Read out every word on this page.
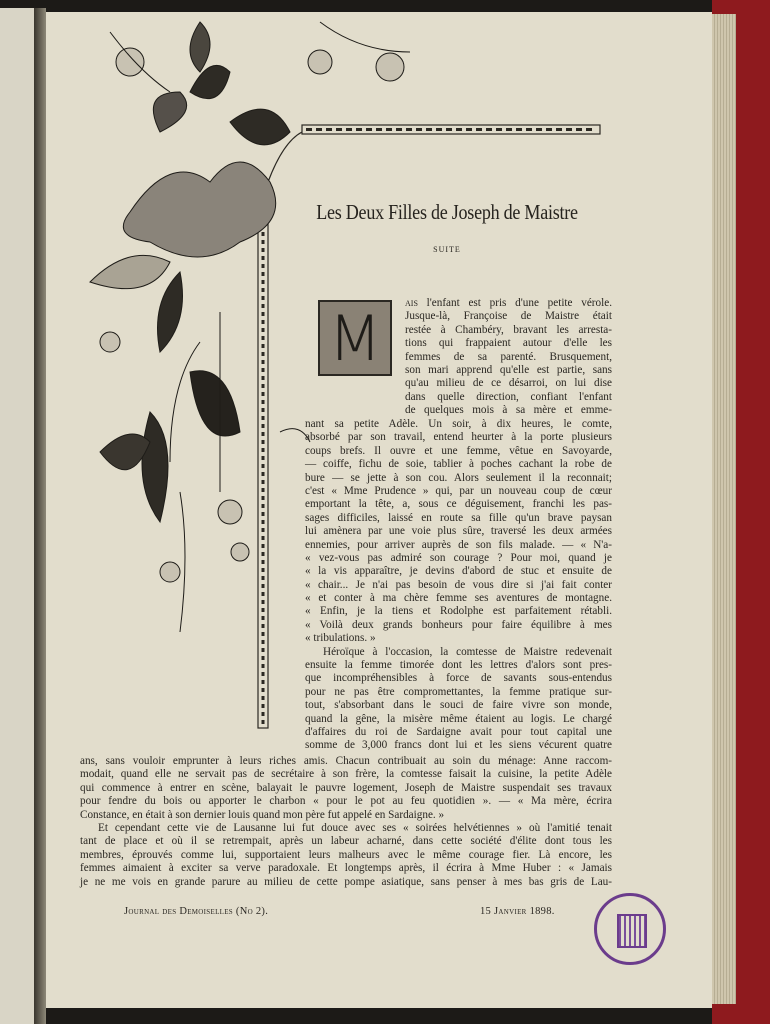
Les Deux Filles de Joseph de Maistre
SUITE
M	ais l'enfant est pris d'une petite vérole.
Jusque-là, Françoise de Maistre était
restée à Chambéry, bravant les arresta-
tions qui frappaient autour d'elle les
femmes de sa parenté. Brusquement,
son mari apprend qu'elle est partie, sans
qu'au milieu de ce désarroi, on lui dise
dans quelle direction, confiant l'enfant
de quelques mois à sa mère et emme-
nant sa petite Adèle. Un soir, à dix heures, le comte,
absorbé par son travail, entend heurter à la porte plusieurs
coups brefs. Il ouvre et une femme, vêtue en Savoyarde,
— coiffe, fichu de soie, tablier à poches cachant la robe de
bure — se jette à son cou. Alors seulement il la reconnait;
c'est « Mme Prudence » qui, par un nouveau coup de cœur
emportant la tête, a, sous ce déguisement, franchi les pas-
sages difficiles, laissé en route sa fille qu'un brave paysan
lui amènera par une voie plus sûre, traversé les deux armées
ennemies, pour arriver auprès de son fils malade. — « N'a-
« vez-vous pas admiré son courage ? Pour moi, quand je
« la vis apparaître, je devins d'abord de stuc et ensuite de
« chair... Je n'ai pas besoin de vous dire si j'ai fait conter
« et conter à ma chère femme ses aventures de montagne.
« Enfin, je la tiens et Rodolphe est parfaitement rétabli.
« Voilà deux grands bonheurs pour faire équilibre à mes
« tribulations. »
Héroïque à l'occasion, la comtesse de Maistre redevenait
ensuite la femme timorée dont les lettres d'alors sont pres-
que incompréhensibles à force de savants sous-entendus
pour ne pas être compromettantes, la femme pratique sur-
tout, s'absorbant dans le souci de faire vivre son monde,
quand la gêne, la misère même étaient au logis. Le chargé
d'affaires du roi de Sardaigne avait pour tout capital une
somme de 3,000 francs dont lui et les siens vécurent quatre
ans, sans vouloir emprunter à leurs riches amis. Chacun contribuait au soin du ménage: Anne raccom-
modait, quand elle ne servait pas de secrétaire à son frère, la comtesse faisait la cuisine, la petite Adèle
qui commence à entrer en scène, balayait le pauvre logement, Joseph de Maistre suspendait ses travaux
pour fendre du bois ou apporter le charbon « pour le pot au feu quotidien ». — « Ma mère, écrira
Constance, en était à son dernier louis quand mon père fut appelé en Sardaigne. »
Et cependant cette vie de Lausanne lui fut douce avec ses « soirées helvétiennes » où l'amitié tenait
tant de place et où il se retrempait, après un labeur acharné, dans cette société d'élite dont tous les
membres, éprouvés comme lui, supportaient leurs malheurs avec le même courage fier. Là encore, les
femmes aimaient à exciter sa verve paradoxale. Et longtemps après, il écrira à Mme Huber : « Jamais
je ne me vois en grande parure au milieu de cette pompe asiatique, sans penser à mes bas gris de Lau-
Journal des Demoiselles (No 2).	15 Janvier 1898.
